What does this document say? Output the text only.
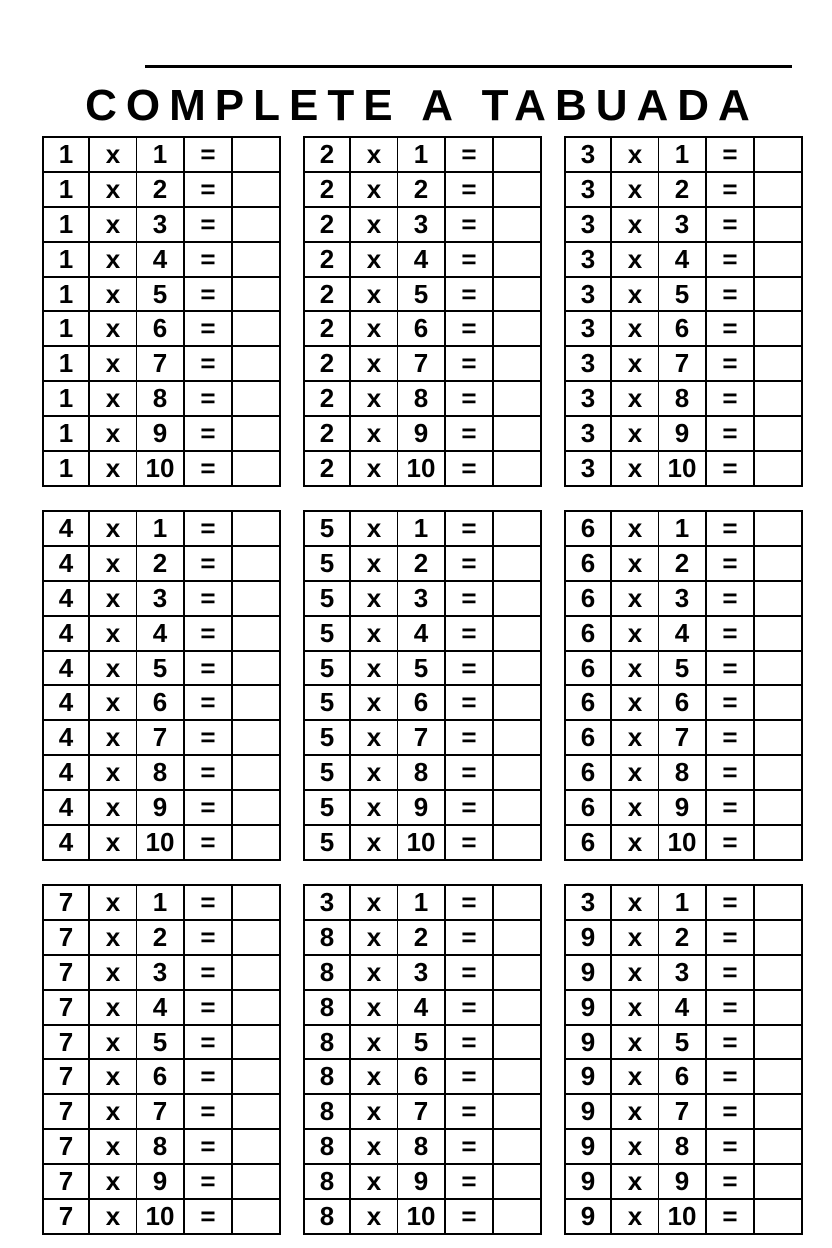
COMPLETE A TABUADA
1	x	1	=	
1	x	2	=	
1	x	3	=	
1	x	4	=	
1	x	5	=	
1	x	6	=	
1	x	7	=	
1	x	8	=	
1	x	9	=	
1	x	10	=	
2	x	1	=	
2	x	2	=	
2	x	3	=	
2	x	4	=	
2	x	5	=	
2	x	6	=	
2	x	7	=	
2	x	8	=	
2	x	9	=	
2	x	10	=	
3	x	1	=	
3	x	2	=	
3	x	3	=	
3	x	4	=	
3	x	5	=	
3	x	6	=	
3	x	7	=	
3	x	8	=	
3	x	9	=	
3	x	10	=	
4	x	1	=	
4	x	2	=	
4	x	3	=	
4	x	4	=	
4	x	5	=	
4	x	6	=	
4	x	7	=	
4	x	8	=	
4	x	9	=	
4	x	10	=	
5	x	1	=	
5	x	2	=	
5	x	3	=	
5	x	4	=	
5	x	5	=	
5	x	6	=	
5	x	7	=	
5	x	8	=	
5	x	9	=	
5	x	10	=	
6	x	1	=	
6	x	2	=	
6	x	3	=	
6	x	4	=	
6	x	5	=	
6	x	6	=	
6	x	7	=	
6	x	8	=	
6	x	9	=	
6	x	10	=	
7	x	1	=	
7	x	2	=	
7	x	3	=	
7	x	4	=	
7	x	5	=	
7	x	6	=	
7	x	7	=	
7	x	8	=	
7	x	9	=	
7	x	10	=	
3	x	1	=	
8	x	2	=	
8	x	3	=	
8	x	4	=	
8	x	5	=	
8	x	6	=	
8	x	7	=	
8	x	8	=	
8	x	9	=	
8	x	10	=	
3	x	1	=	
9	x	2	=	
9	x	3	=	
9	x	4	=	
9	x	5	=	
9	x	6	=	
9	x	7	=	
9	x	8	=	
9	x	9	=	
9	x	10	=	
